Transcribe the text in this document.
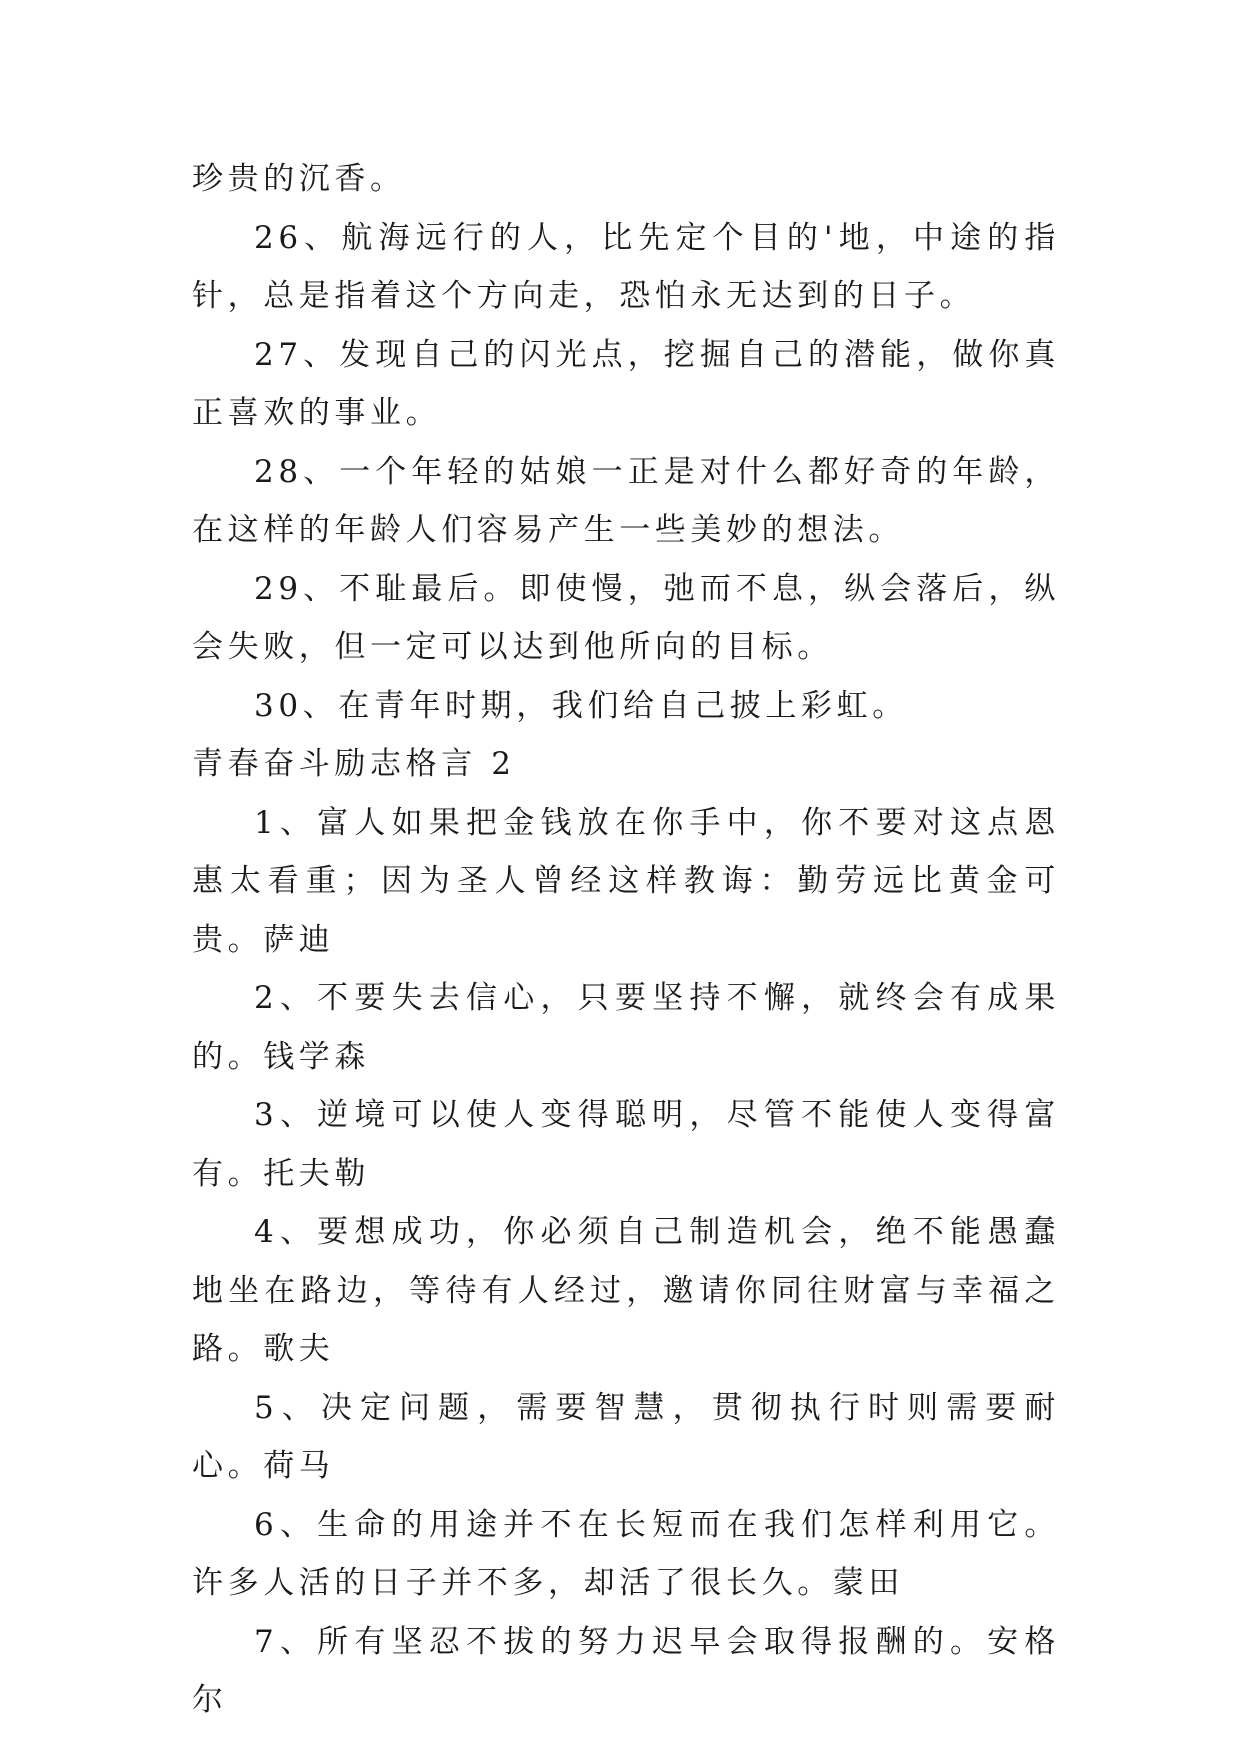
珍贵的沉香。

26、航海远行的人，比先定个目的'地，中途的指针，总是指着这个方向走，恐怕永无达到的日子。

27、发现自己的闪光点，挖掘自己的潜能，做你真正喜欢的事业。

28、一个年轻的姑娘一正是对什么都好奇的年龄，在这样的年龄人们容易产生一些美妙的想法。

29、不耻最后。即使慢，弛而不息，纵会落后，纵会失败，但一定可以达到他所向的目标。

30、在青年时期，我们给自己披上彩虹。

青春奋斗励志格言 2

1、富人如果把金钱放在你手中，你不要对这点恩惠太看重；因为圣人曾经这样教诲：勤劳远比黄金可贵。萨迪

2、不要失去信心，只要坚持不懈，就终会有成果的。钱学森

3、逆境可以使人变得聪明，尽管不能使人变得富有。托夫勒

4、要想成功，你必须自己制造机会，绝不能愚蠢地坐在路边，等待有人经过，邀请你同往财富与幸福之路。歌夫

5、决定问题，需要智慧，贯彻执行时则需要耐心。荷马

6、生命的用途并不在长短而在我们怎样利用它。许多人活的日子并不多，却活了很长久。蒙田

7、所有坚忍不拔的努力迟早会取得报酬的。安格尔
